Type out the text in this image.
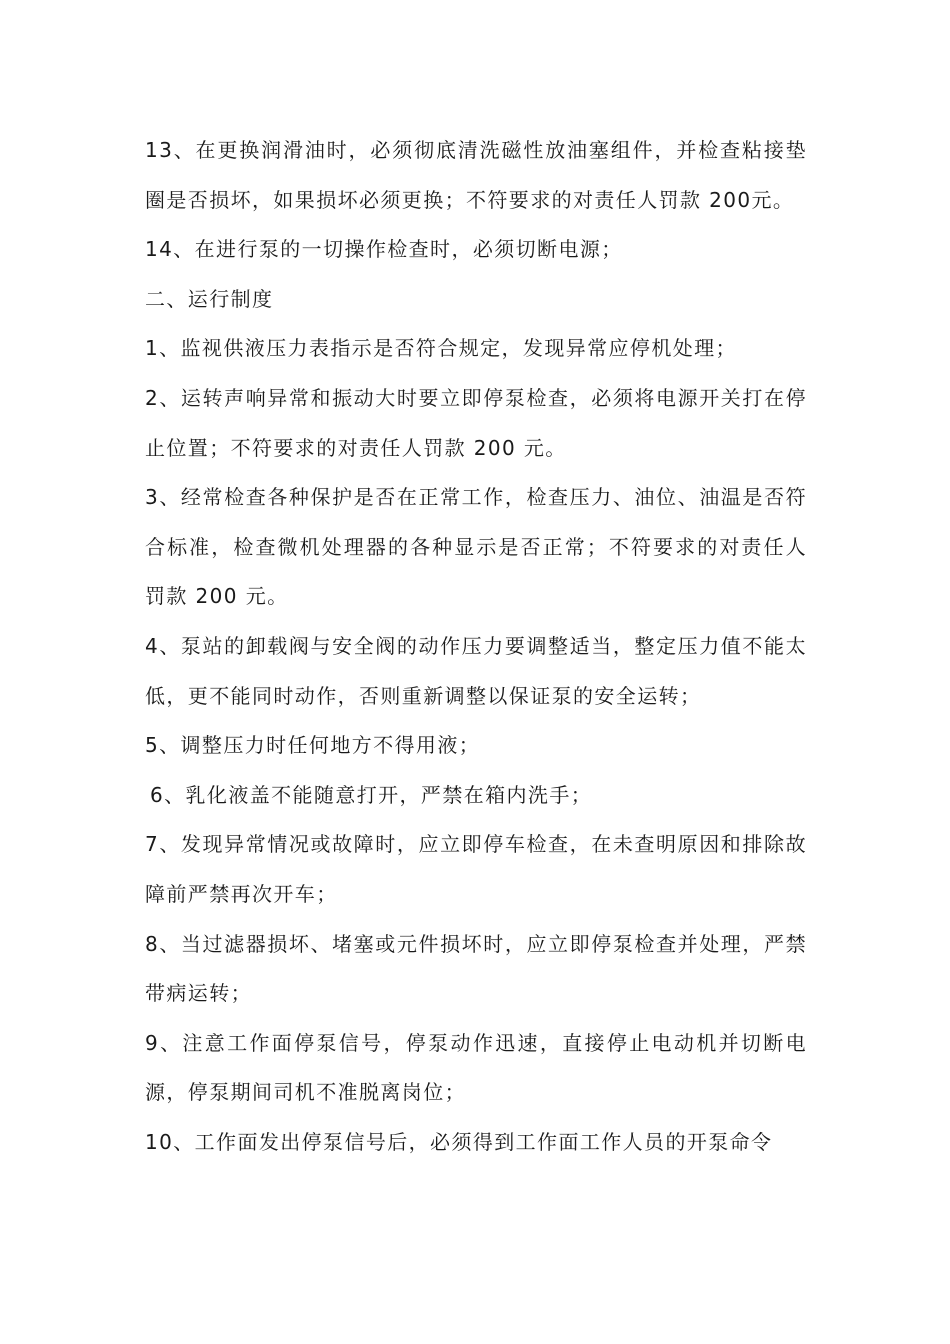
13、在更换润滑油时，必须彻底清洗磁性放油塞组件，并检查粘接垫圈是否损坏，如果损坏必须更换；不符要求的对责任人罚款 200元。

14、在进行泵的一切操作检查时，必须切断电源；

二、运行制度

1、监视供液压力表指示是否符合规定，发现异常应停机处理；

2、运转声响异常和振动大时要立即停泵检查，必须将电源开关打在停止位置；不符要求的对责任人罚款 200 元。

3、经常检查各种保护是否在正常工作，检查压力、油位、油温是否符合标准，检查微机处理器的各种显示是否正常；不符要求的对责任人罚款 200 元。

4、泵站的卸载阀与安全阀的动作压力要调整适当，整定压力值不能太低，更不能同时动作，否则重新调整以保证泵的安全运转；

5、调整压力时任何地方不得用液；

6、乳化液盖不能随意打开，严禁在箱内洗手；

7、发现异常情况或故障时，应立即停车检查，在未查明原因和排除故障前严禁再次开车；

8、当过滤器损坏、堵塞或元件损坏时，应立即停泵检查并处理，严禁带病运转；

9、注意工作面停泵信号，停泵动作迅速，直接停止电动机并切断电源，停泵期间司机不准脱离岗位；

10、工作面发出停泵信号后，必须得到工作面工作人员的开泵命令
